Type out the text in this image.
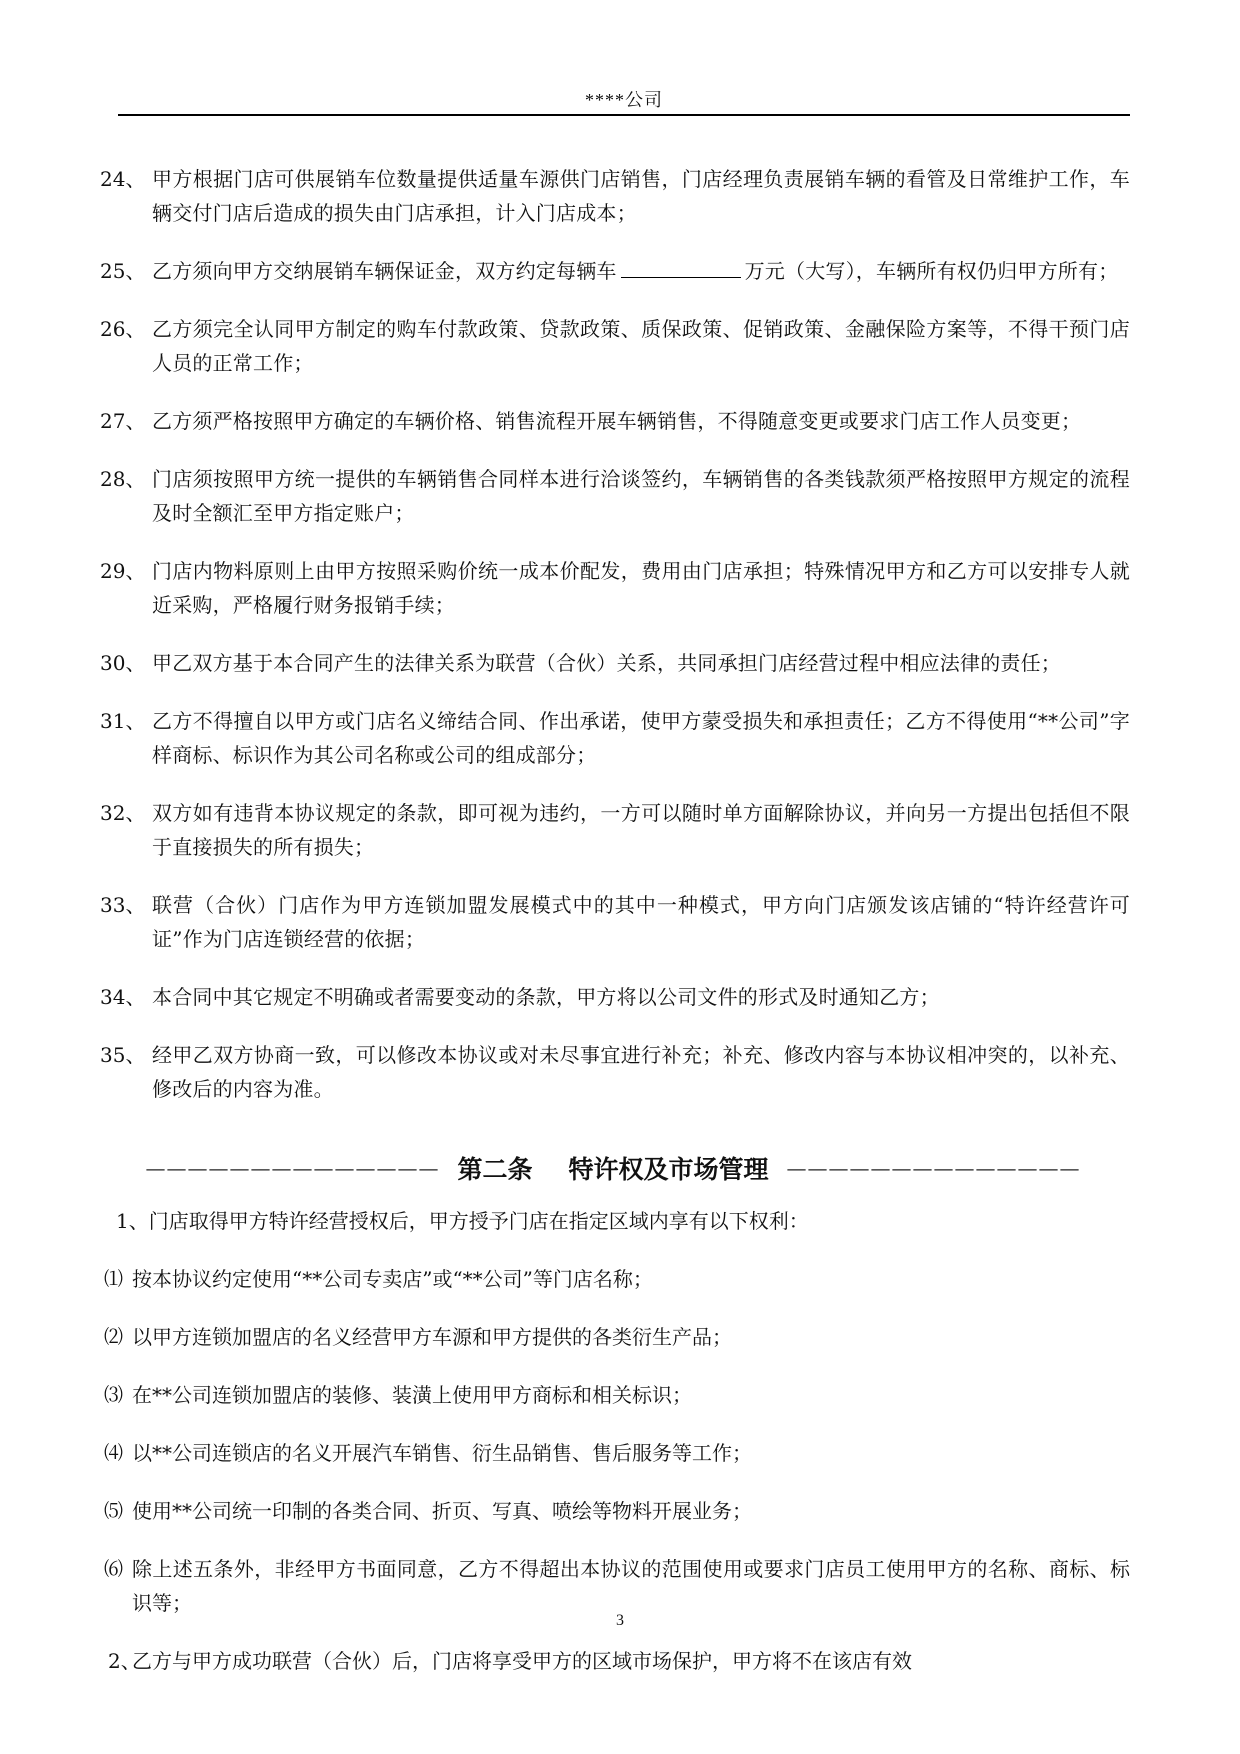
****公司
24、 甲方根据门店可供展销车位数量提供适量车源供门店销售，门店经理负责展销车辆的看管及日常维护工作，车辆交付门店后造成的损失由门店承担，计入门店成本；
25、 乙方须向甲方交纳展销车辆保证金，双方约定每辆车	万元（大写），车辆所有权仍归甲方所有；
26、 乙方须完全认同甲方制定的购车付款政策、贷款政策、质保政策、促销政策、金融保险方案等，不得干预门店人员的正常工作；
27、 乙方须严格按照甲方确定的车辆价格、销售流程开展车辆销售，不得随意变更或要求门店工作人员变更；
28、 门店须按照甲方统一提供的车辆销售合同样本进行洽谈签约，车辆销售的各类钱款须严格按照甲方规定的流程及时全额汇至甲方指定账户；
29、 门店内物料原则上由甲方按照采购价统一成本价配发，费用由门店承担；特殊情况甲方和乙方可以安排专人就近采购，严格履行财务报销手续；
30、 甲乙双方基于本合同产生的法律关系为联营（合伙）关系，共同承担门店经营过程中相应法律的责任；
31、 乙方不得擅自以甲方或门店名义缔结合同、作出承诺，使甲方蒙受损失和承担责任；乙方不得使用“**公司”字样商标、标识作为其公司名称或公司的组成部分；
32、 双方如有违背本协议规定的条款，即可视为违约，一方可以随时单方面解除协议，并向另一方提出包括但不限于直接损失的所有损失；
33、 联营（合伙）门店作为甲方连锁加盟发展模式中的其中一种模式，甲方向门店颁发该店铺的“特许经营许可证”作为门店连锁经营的依据；
34、 本合同中其它规定不明确或者需要变动的条款，甲方将以公司文件的形式及时通知乙方；
35、 经甲乙双方协商一致，可以修改本协议或对未尽事宜进行补充；补充、修改内容与本协议相冲突的，以补充、修改后的内容为准。
—————————————— 第二条 特许权及市场管理 ——————————————
1、门店取得甲方特许经营授权后，甲方授予门店在指定区域内享有以下权利：
⑴ 按本协议约定使用“**公司专卖店”或“**公司”等门店名称；
⑵ 以甲方连锁加盟店的名义经营甲方车源和甲方提供的各类衍生产品；
⑶ 在**公司连锁加盟店的装修、装潢上使用甲方商标和相关标识；
⑷ 以**公司连锁店的名义开展汽车销售、衍生品销售、售后服务等工作；
⑸ 使用**公司统一印制的各类合同、折页、写真、喷绘等物料开展业务；
⑹ 除上述五条外，非经甲方书面同意，乙方不得超出本协议的范围使用或要求门店员工使用甲方的名称、商标、标识等；
2、
乙方与甲方成功联营（合伙）后，门店将享受甲方的区域市场保护，甲方将不在该店有效
3
